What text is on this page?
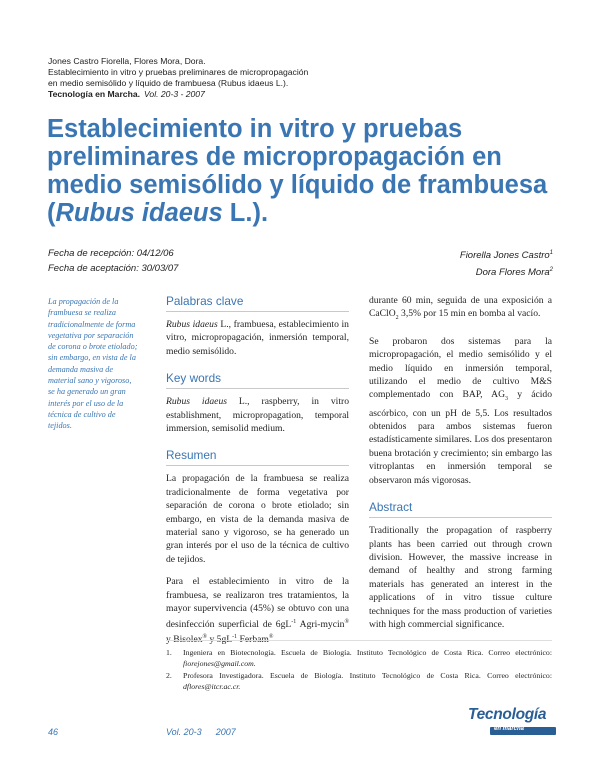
Jones Castro Fiorella, Flores Mora, Dora.
Establecimiento in vitro y pruebas preliminares de micropropagación
en medio semisólido y líquido de frambuesa (Rubus idaeus L.).
Tecnología en Marcha. Vol. 20-3 - 2007
Establecimiento in vitro y pruebas preliminares de micropropagación en medio semisólido y líquido de frambuesa (Rubus idaeus L.).
Fecha de recepción: 04/12/06
Fecha de aceptación: 30/03/07
Fiorella Jones Castro$^1$
Dora Flores Mora$^2$
La propagación de la frambuesa se realiza tradicionalmente de forma vegetativa por separación de corona o brote etiolado; sin embargo, en vista de la demanda masiva de material sano y vigoroso, se ha generado un gran interés por el uso de la técnica de cultivo de tejidos.
Palabras clave

Rubus idaeus L., frambuesa, establecimiento in vitro, micropropagación, inmersión temporal, medio semisólido.

Key words

Rubus idaeus L., raspberry, in vitro establishment, micropropagation, temporal immersion, semisolid medium.

Resumen

La propagación de la frambuesa se realiza tradicionalmente de forma vegetativa por separación de corona o brote etiolado; sin embargo, en vista de la demanda masiva de material sano y vigoroso, se ha generado un gran interés por el uso de la técnica de cultivo de tejidos.

Para el establecimiento in vitro de la frambuesa, se realizaron tres tratamientos, la mayor supervivencia (45%) se obtuvo con una desinfección superficial de $6gL^{-1}$ Agri-mycin® y Bisolex® y $5gL^{-1}$ Ferbam®

durante 60 min, seguida de una exposición a CaClO$_2$ 3,5% por 15 min en bomba al vacío.

Se probaron dos sistemas para la micropropagación, el medio semisólido y el medio líquido en inmersión temporal, utilizando el medio de cultivo M&S complementado con BAP, $AG_3$ y ácido ascórbico, con un pH de 5,5. Los resultados obtenidos para ambos sistemas fueron estadísticamente similares. Los dos presentaron buena brotación y crecimiento; sin embargo las vitroplantas en inmersión temporal se observaron más vigorosas.

Abstract

Traditionally the propagation of raspberry plants has been carried out through crown division. However, the massive increase in demand of healthy and strong farming materials has generated an interest in the applications of in vitro tissue culture techniques for the mass production of varieties with high commercial significance.

1.	Ingeniera en Biotecnología. Escuela de Biología. Instituto Tecnológico de Costa Rica. Correo electrónico: fiorejones@gmail.com.
2.	Profesora Investigadora. Escuela de Biología. Instituto Tecnológico de Costa Rica. Correo electrónico: dflores@itcr.ac.cr.
46	Vol. 20-3 2007
Tecnología
en marcha
